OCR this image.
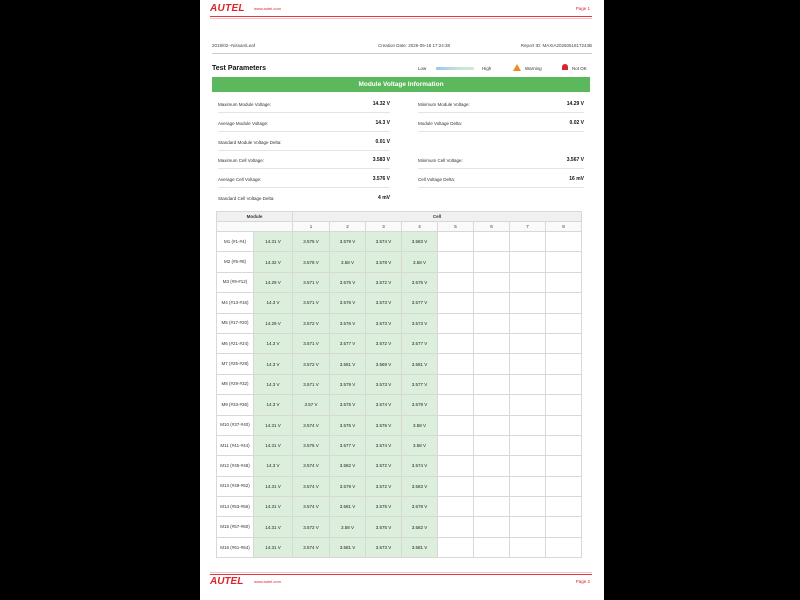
AUTEL www.autel.com	Page 1
2019/02--Nissan/Leaf	Creation Date: 2026-05-18 17:24:38	Report ID: MAXIA2026051817243B
Test Parameters	Low	High	Warning	Not OK
Module Voltage Information
Maximum Module Voltage:	14.32 V	Minimum Module Voltage:	14.29 V
Average Module Voltage:	14.3 V	Module Voltage Delta:	0.02 V
Standard Module Voltage Delta:	0.01 V
Maximum Cell Voltage:	3.583 V	Minimum Cell Voltage:	3.567 V
Average Cell Voltage:	3.576 V	Cell Voltage Delta:	16 mV
Standard Cell Voltage Delta:	4 mV
Module		Cell							
		1	2	3	4	5	6	7	8
M1 (#1-#4)	14.31 V	3.575 V	3.579 V	3.574 V	3.583 V				
M2 (#5-#8)	14.32 V	3.578 V	3.58 V	3.578 V	3.58 V				
M3 (#9-#12)	14.29 V	3.571 V	3.575 V	3.572 V	3.575 V				
M4 (#13-#16)	14.3 V	3.571 V	3.576 V	3.573 V	3.577 V				
M5 (#17-#20)	14.29 V	3.572 V	3.576 V	3.573 V	3.573 V				
M6 (#21-#24)	14.3 V	3.571 V	3.577 V	3.572 V	3.577 V				
M7 (#25-#28)	14.3 V	3.572 V	3.581 V	3.569 V	3.581 V				
M8 (#29-#32)	14.3 V	3.571 V	3.579 V	3.573 V	3.577 V				
M9 (#33-#36)	14.3 V	3.57 V	3.575 V	3.574 V	3.579 V				
M10 (#37-#40)	14.31 V	3.574 V	3.575 V	3.576 V	3.58 V				
M11 (#41-#44)	14.31 V	3.575 V	3.577 V	3.574 V	3.58 V				
M12 (#45-#48)	14.3 V	3.574 V	3.582 V	3.572 V	3.574 V				
M13 (#49-#52)	14.31 V	3.574 V	3.579 V	3.572 V	3.583 V				
M14 (#53-#56)	14.31 V	3.574 V	3.581 V	3.575 V	3.578 V				
M15 (#57-#60)	14.31 V	3.572 V	3.58 V	3.575 V	3.582 V				
M16 (#61-#64)	14.31 V	3.574 V	3.581 V	3.573 V	3.581 V				
AUTEL	www.autel.com	Page 2
